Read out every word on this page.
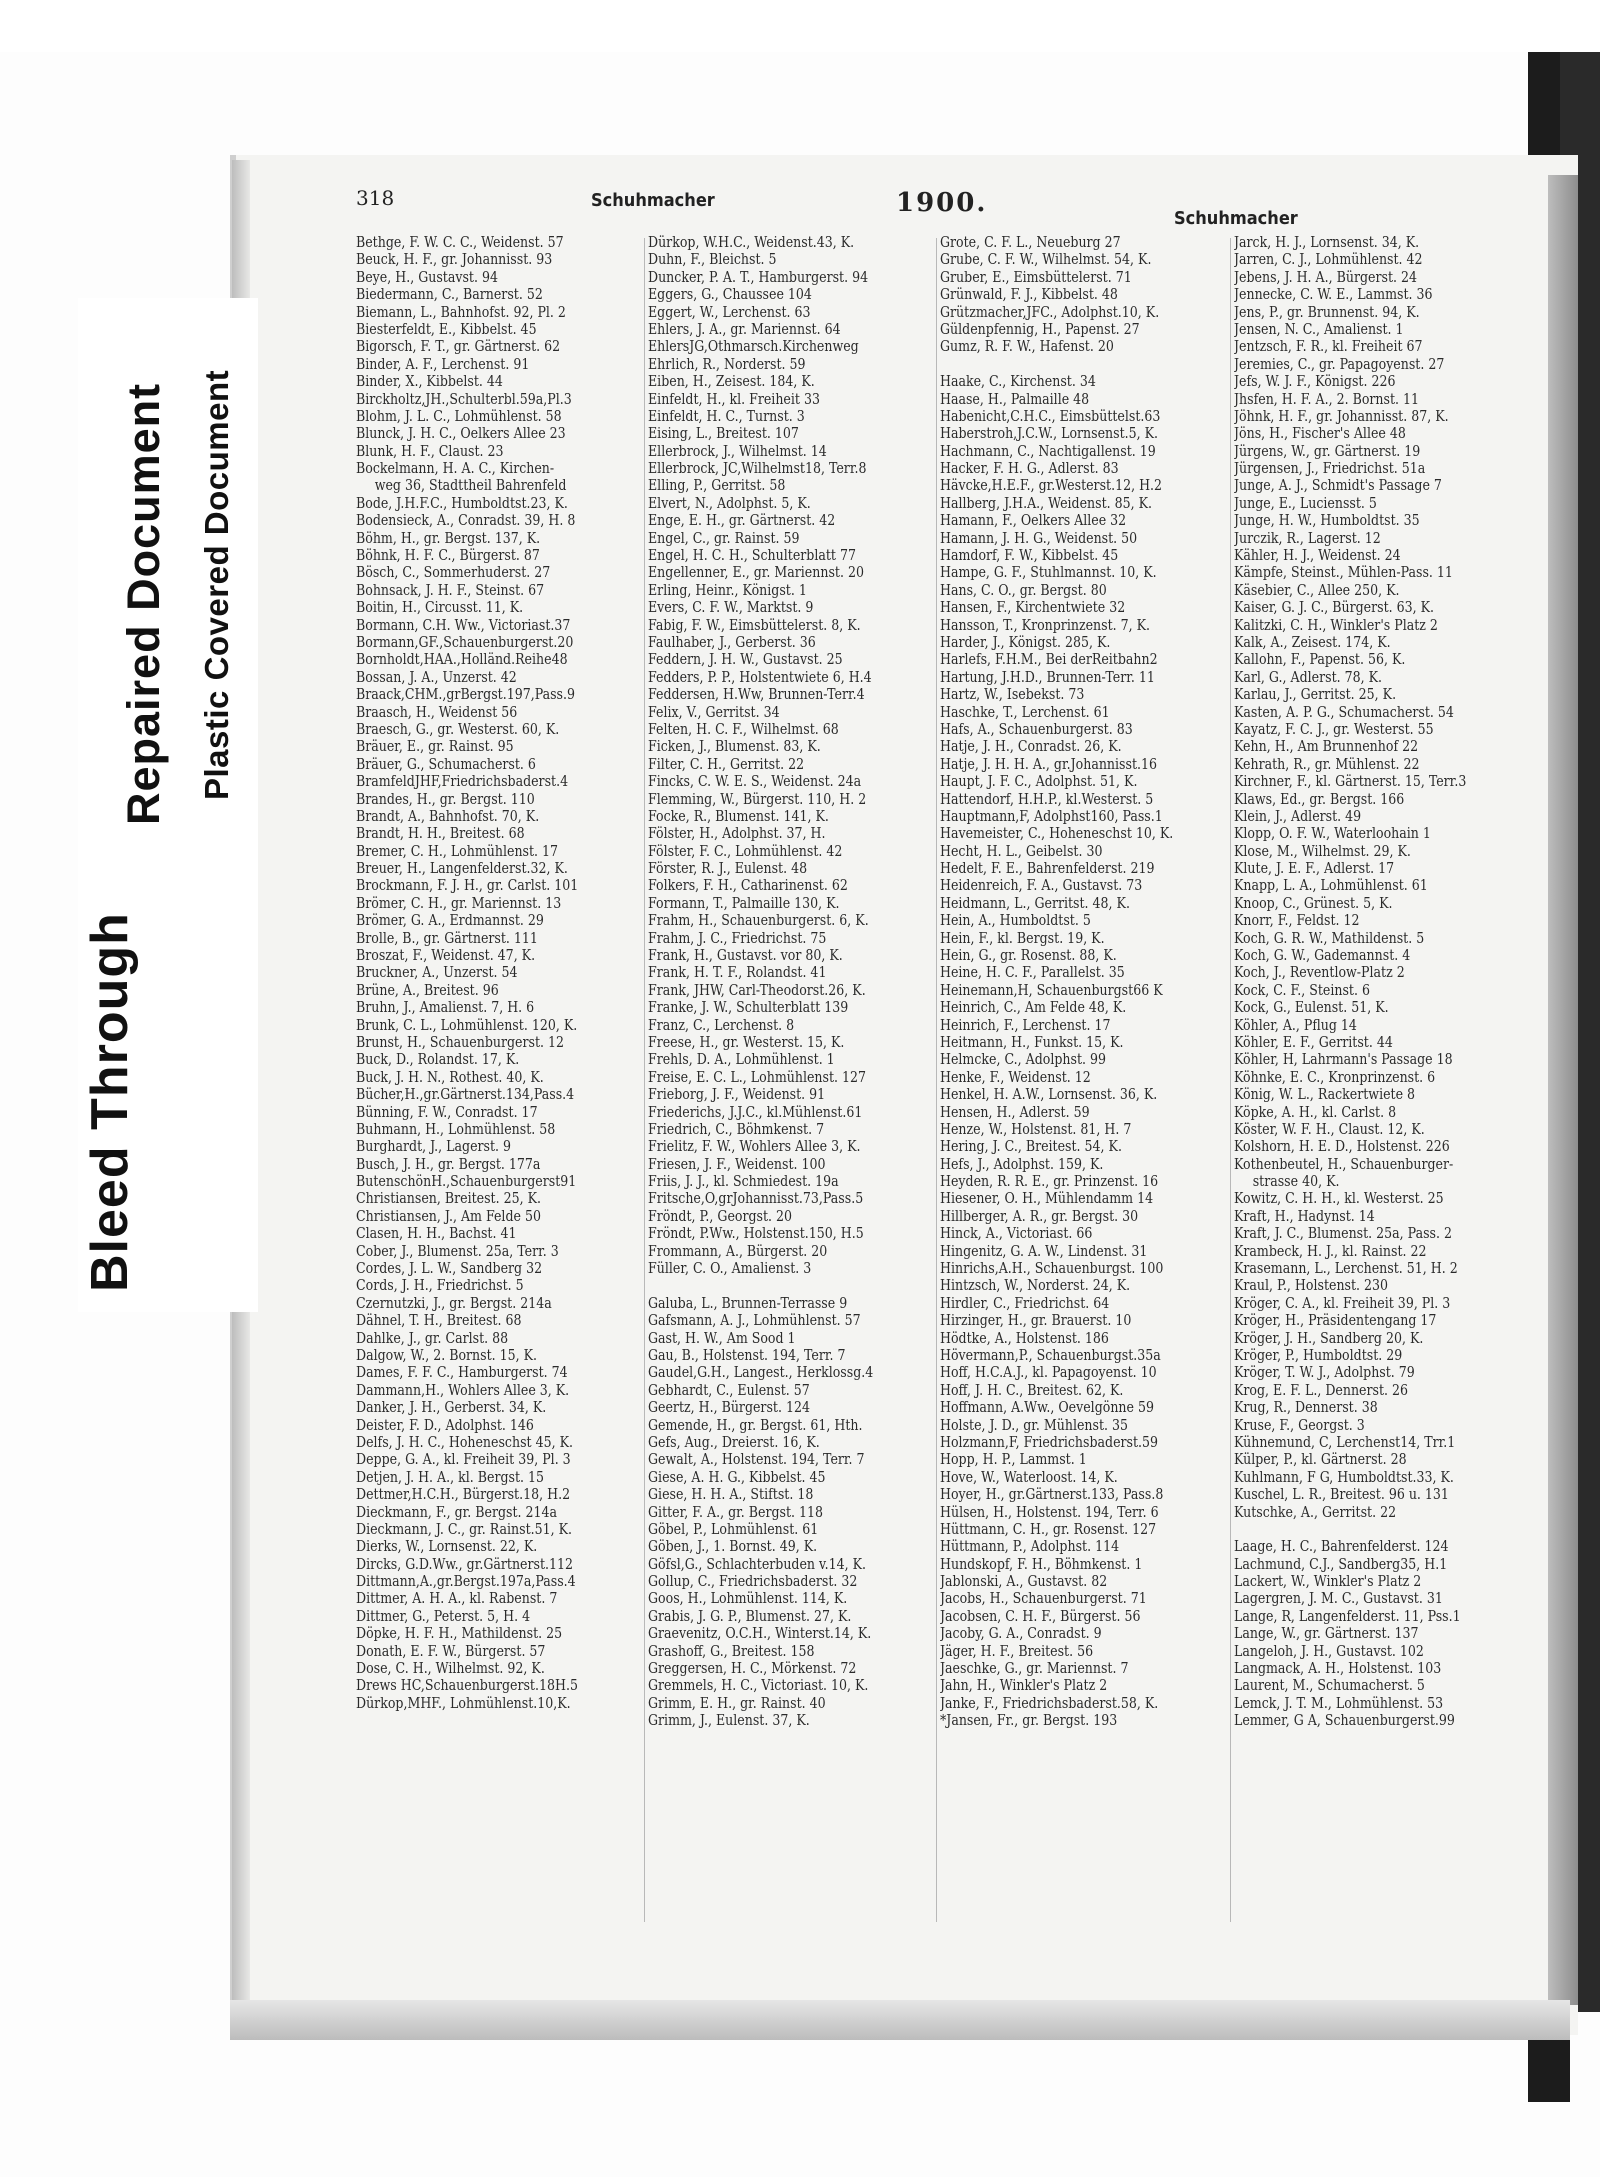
Bleed Through
Repaired Document Plastic Covered Document
318	Schuhmacher	1900.
Schuhmacher
Bethge, F. W. C. C., Weidenst. 57
Beuck, H. F., gr. Johannisst. 93
Beye, H., Gustavst. 94
Biedermann, C., Barnerst. 52
Biemann, L., Bahnhofst. 92, Pl. 2
Biesterfeldt, E., Kibbelst. 45
Bigorsch, F. T., gr. Gärtnerst. 62
Binder, A. F., Lerchenst. 91
Binder, X., Kibbelst. 44
Birckholtz,JH.,Schulterbl.59a,Pl.3
Blohm, J. L. C., Lohmühlenst. 58
Blunck, J. H. C., Oelkers Allee 23
Blunk, H. F., Claust. 23
Bockelmann, H. A. C., Kirchen-
weg 36, Stadttheil Bahrenfeld
Bode, J.H.F.C., Humboldtst.23, K.
Bodensieck, A., Conradst. 39, H. 8
Böhm, H., gr. Bergst. 137, K.
Böhnk, H. F. C., Bürgerst. 87
Bösch, C., Sommerhuderst. 27
Bohnsack, J. H. F., Steinst. 67
Boitin, H., Circusst. 11, K.
Bormann, C.H. Ww., Victoriast.37
Bormann,GF.,Schauenburgerst.20
Bornholdt,HAA.,Holländ.Reihe48
Bossan, J. A., Unzerst. 42
Braack,CHM.,grBergst.197,Pass.9
Braasch, H., Weidenst 56
Braesch, G., gr. Westerst. 60, K.
Bräuer, E., gr. Rainst. 95
Bräuer, G., Schumacherst. 6
BramfeldJHF,Friedrichsbaderst.4
Brandes, H., gr. Bergst. 110
Brandt, A., Bahnhofst. 70, K.
Brandt, H. H., Breitest. 68
Bremer, C. H., Lohmühlenst. 17
Breuer, H., Langenfelderst.32, K.
Brockmann, F. J. H., gr. Carlst. 101
Brömer, C. H., gr. Mariennst. 13
Brömer, G. A., Erdmannst. 29
Brolle, B., gr. Gärtnerst. 111
Broszat, F., Weidenst. 47, K.
Bruckner, A., Unzerst. 54
Brüne, A., Breitest. 96
Bruhn, J., Amalienst. 7, H. 6
Brunk, C. L., Lohmühlenst. 120, K.
Brunst, H., Schauenburgerst. 12
Buck, D., Rolandst. 17, K.
Buck, J. H. N., Rothest. 40, K.
Bücher,H.,gr.Gärtnerst.134,Pass.4
Bünning, F. W., Conradst. 17
Buhmann, H., Lohmühlenst. 58
Burghardt, J., Lagerst. 9
Busch, J. H., gr. Bergst. 177a
ButenschönH.,Schauenburgerst91
Christiansen, Breitest. 25, K.
Christiansen, J., Am Felde 50
Clasen, H. H., Bachst. 41
Cober, J., Blumenst. 25a, Terr. 3
Cordes, J. L. W., Sandberg 32
Cords, J. H., Friedrichst. 5
Czernutzki, J., gr. Bergst. 214a
Dähnel, T. H., Breitest. 68
Dahlke, J., gr. Carlst. 88
Dalgow, W., 2. Bornst. 15, K.
Dames, F. F. C., Hamburgerst. 74
Dammann,H., Wohlers Allee 3, K.
Danker, J. H., Gerberst. 34, K.
Deister, F. D., Adolphst. 146
Delfs, J. H. C., Hoheneschst 45, K.
Deppe, G. A., kl. Freiheit 39, Pl. 3
Detjen, J. H. A., kl. Bergst. 15
Dettmer,H.C.H., Bürgerst.18, H.2
Dieckmann, F., gr. Bergst. 214a
Dieckmann, J. C., gr. Rainst.51, K.
Dierks, W., Lornsenst. 22, K.
Dircks, G.D.Ww., gr.Gärtnerst.112
Dittmann,A.,gr.Bergst.197a,Pass.4
Dittmer, A. H. A., kl. Rabenst. 7
Dittmer, G., Peterst. 5, H. 4
Döpke, H. F. H., Mathildenst. 25
Donath, E. F. W., Bürgerst. 57
Dose, C. H., Wilhelmst. 92, K.
Drews HC,Schauenburgerst.18H.5
Dürkop,MHF., Lohmühlenst.10,K.
Dürkop, W.H.C., Weidenst.43, K.
Duhn, F., Bleichst. 5
Duncker, P. A. T., Hamburgerst. 94
Eggers, G., Chaussee 104
Eggert, W., Lerchenst. 63
Ehlers, J. A., gr. Mariennst. 64
EhlersJG,Othmarsch.Kirchenweg
Ehrlich, R., Norderst. 59
Eiben, H., Zeisest. 184, K.
Einfeldt, H., kl. Freiheit 33
Einfeldt, H. C., Turnst. 3
Eising, L., Breitest. 107
Ellerbrock, J., Wilhelmst. 14
Ellerbrock, JC,Wilhelmst18, Terr.8
Elling, P., Gerritst. 58
Elvert, N., Adolphst. 5, K.
Enge, E. H., gr. Gärtnerst. 42
Engel, C., gr. Rainst. 59
Engel, H. C. H., Schulterblatt 77
Engellenner, E., gr. Mariennst. 20
Erling, Heinr., Königst. 1
Evers, C. F. W., Marktst. 9
Fabig, F. W., Eimsbüttelerst. 8, K.
Faulhaber, J., Gerberst. 36
Feddern, J. H. W., Gustavst. 25
Fedders, P. P., Holstentwiete 6, H.4
Feddersen, H.Ww, Brunnen-Terr.4
Felix, V., Gerritst. 34
Felten, H. C. F., Wilhelmst. 68
Ficken, J., Blumenst. 83, K.
Filter, C. H., Gerritst. 22
Fincks, C. W. E. S., Weidenst. 24a
Flemming, W., Bürgerst. 110, H. 2
Focke, R., Blumenst. 141, K.
Fölster, H., Adolphst. 37, H.
Fölster, F. C., Lohmühlenst. 42
Förster, R. J., Eulenst. 48
Folkers, F. H., Catharinenst. 62
Formann, T., Palmaille 130, K.
Frahm, H., Schauenburgerst. 6, K.
Frahm, J. C., Friedrichst. 75
Frank, H., Gustavst. vor 80, K.
Frank, H. T. F., Rolandst. 41
Frank, JHW, Carl-Theodorst.26, K.
Franke, J. W., Schulterblatt 139
Franz, C., Lerchenst. 8
Freese, H., gr. Westerst. 15, K.
Frehls, D. A., Lohmühlenst. 1
Freise, E. C. L., Lohmühlenst. 127
Frieborg, J. F., Weidenst. 91
Friederichs, J.J.C., kl.Mühlenst.61
Friedrich, C., Böhmkenst. 7
Frielitz, F. W., Wohlers Allee 3, K.
Friesen, J. F., Weidenst. 100
Friis, J. J., kl. Schmiedest. 19a
Fritsche,O,grJohannisst.73,Pass.5
Fröndt, P., Georgst. 20
Fröndt, P.Ww., Holstenst.150, H.5
Frommann, A., Bürgerst. 20
Füller, C. O., Amalienst. 3
Galuba, L., Brunnen-Terrasse 9
Gafsmann, A. J., Lohmühlenst. 57
Gast, H. W., Am Sood 1
Gau, B., Holstenst. 194, Terr. 7
Gaudel,G.H., Langest., Herklossg.4
Gebhardt, C., Eulenst. 57
Geertz, H., Bürgerst. 124
Gemende, H., gr. Bergst. 61, Hth.
Gefs, Aug., Dreierst. 16, K.
Gewalt, A., Holstenst. 194, Terr. 7
Giese, A. H. G., Kibbelst. 45
Giese, H. H. A., Stiftst. 18
Gitter, F. A., gr. Bergst. 118
Göbel, P., Lohmühlenst. 61
Göben, J., 1. Bornst. 49, K.
Göfsl,G., Schlachterbuden v.14, K.
Gollup, C., Friedrichsbaderst. 32
Goos, H., Lohmühlenst. 114, K.
Grabis, J. G. P., Blumenst. 27, K.
Graevenitz, O.C.H., Winterst.14, K.
Grashoff, G., Breitest. 158
Greggersen, H. C., Mörkenst. 72
Gremmels, H. C., Victoriast. 10, K.
Grimm, E. H., gr. Rainst. 40
Grimm, J., Eulenst. 37, K.
Grote, C. F. L., Neueburg 27
Grube, C. F. W., Wilhelmst. 54, K.
Gruber, E., Eimsbüttelerst. 71
Grünwald, F. J., Kibbelst. 48
Grützmacher,JFC., Adolphst.10, K.
Güldenpfennig, H., Papenst. 27
Gumz, R. F. W., Hafenst. 20
Haake, C., Kirchenst. 34
Haase, H., Palmaille 48
Habenicht,C.H.C., Eimsbüttelst.63
Haberstroh,J.C.W., Lornsenst.5, K.
Hachmann, C., Nachtigallenst. 19
Hacker, F. H. G., Adlerst. 83
Hävcke,H.E.F., gr.Westerst.12, H.2
Hallberg, J.H.A., Weidenst. 85, K.
Hamann, F., Oelkers Allee 32
Hamann, J. H. G., Weidenst. 50
Hamdorf, F. W., Kibbelst. 45
Hampe, G. F., Stuhlmannst. 10, K.
Hans, C. O., gr. Bergst. 80
Hansen, F., Kirchentwiete 32
Hansson, T., Kronprinzenst. 7, K.
Harder, J., Königst. 285, K.
Harlefs, F.H.M., Bei derReitbahn2
Hartung, J.H.D., Brunnen-Terr. 11
Hartz, W., Isebekst. 73
Haschke, T., Lerchenst. 61
Hafs, A., Schauenburgerst. 83
Hatje, J. H., Conradst. 26, K.
Hatje, J. H. H. A., gr.Johannisst.16
Haupt, J. F. C., Adolphst. 51, K.
Hattendorf, H.H.P., kl.Westerst. 5
Hauptmann,F, Adolphst160, Pass.1
Havemeister, C., Hoheneschst 10, K.
Hecht, H. L., Geibelst. 30
Hedelt, F. E., Bahrenfelderst. 219
Heidenreich, F. A., Gustavst. 73
Heidmann, L., Gerritst. 48, K.
Hein, A., Humboldtst. 5
Hein, F., kl. Bergst. 19, K.
Hein, G., gr. Rosenst. 88, K.
Heine, H. C. F., Parallelst. 35
Heinemann,H, Schauenburgst66 K
Heinrich, C., Am Felde 48, K.
Heinrich, F., Lerchenst. 17
Heitmann, H., Funkst. 15, K.
Helmcke, C., Adolphst. 99
Henke, F., Weidenst. 12
Henkel, H. A.W., Lornsenst. 36, K.
Hensen, H., Adlerst. 59
Henze, W., Holstenst. 81, H. 7
Hering, J. C., Breitest. 54, K.
Hefs, J., Adolphst. 159, K.
Heyden, R. R. E., gr. Prinzenst. 16
Hiesener, O. H., Mühlendamm 14
Hillberger, A. R., gr. Bergst. 30
Hinck, A., Victoriast. 66
Hingenitz, G. A. W., Lindenst. 31
Hinrichs,A.H., Schauenburgst. 100
Hintzsch, W., Norderst. 24, K.
Hirdler, C., Friedrichst. 64
Hirzinger, H., gr. Brauerst. 10
Hödtke, A., Holstenst. 186
Hövermann,P., Schauenburgst.35a
Hoff, H.C.A.J., kl. Papagoyenst. 10
Hoff, J. H. C., Breitest. 62, K.
Hoffmann, A.Ww., Oevelgönne 59
Holste, J. D., gr. Mühlenst. 35
Holzmann,F, Friedrichsbaderst.59
Hopp, H. P., Lammst. 1
Hove, W., Waterloost. 14, K.
Hoyer, H., gr.Gärtnerst.133, Pass.8
Hülsen, H., Holstenst. 194, Terr. 6
Hüttmann, C. H., gr. Rosenst. 127
Hüttmann, P., Adolphst. 114
Hundskopf, F. H., Böhmkenst. 1
Jablonski, A., Gustavst. 82
Jacobs, H., Schauenburgerst. 71
Jacobsen, C. H. F., Bürgerst. 56
Jacoby, G. A., Conradst. 9
Jäger, H. F., Breitest. 56
Jaeschke, G., gr. Mariennst. 7
Jahn, H., Winkler's Platz 2
Janke, F., Friedrichsbaderst.58, K.
*Jansen, Fr., gr. Bergst. 193
Jarck, H. J., Lornsenst. 34, K.
Jarren, C. J., Lohmühlenst. 42
Jebens, J. H. A., Bürgerst. 24
Jennecke, C. W. E., Lammst. 36
Jens, P., gr. Brunnenst. 94, K.
Jensen, N. C., Amalienst. 1
Jentzsch, F. R., kl. Freiheit 67
Jeremies, C., gr. Papagoyenst. 27
Jefs, W. J. F., Königst. 226
Jhsfen, H. F. A., 2. Bornst. 11
Jöhnk, H. F., gr. Johannisst. 87, K.
Jöns, H., Fischer's Allee 48
Jürgens, W., gr. Gärtnerst. 19
Jürgensen, J., Friedrichst. 51a
Junge, A. J., Schmidt's Passage 7
Junge, E., Luciensst. 5
Junge, H. W., Humboldtst. 35
Jurczik, R., Lagerst. 12
Kähler, H. J., Weidenst. 24
Kämpfe, Steinst., Mühlen-Pass. 11
Käsebier, C., Allee 250, K.
Kaiser, G. J. C., Bürgerst. 63, K.
Kalitzki, C. H., Winkler's Platz 2
Kalk, A., Zeisest. 174, K.
Kallohn, F., Papenst. 56, K.
Karl, G., Adlerst. 78, K.
Karlau, J., Gerritst. 25, K.
Kasten, A. P. G., Schumacherst. 54
Kayatz, F. C. J., gr. Westerst. 55
Kehn, H., Am Brunnenhof 22
Kehrath, R., gr. Mühlenst. 22
Kirchner, F., kl. Gärtnerst. 15, Terr.3
Klaws, Ed., gr. Bergst. 166
Klein, J., Adlerst. 49
Klopp, O. F. W., Waterloohain 1
Klose, M., Wilhelmst. 29, K.
Klute, J. E. F., Adlerst. 17
Knapp, L. A., Lohmühlenst. 61
Knoop, C., Grünest. 5, K.
Knorr, F., Feldst. 12
Koch, G. R. W., Mathildenst. 5
Koch, G. W., Gademannst. 4
Koch, J., Reventlow-Platz 2
Kock, C. F., Steinst. 6
Kock, G., Eulenst. 51, K.
Köhler, A., Pflug 14
Köhler, E. F., Gerritst. 44
Köhler, H, Lahrmann's Passage 18
Köhnke, E. C., Kronprinzenst. 6
König, W. L., Rackertwiete 8
Köpke, A. H., kl. Carlst. 8
Köster, W. F. H., Claust. 12, K.
Kolshorn, H. E. D., Holstenst. 226
Kothenbeutel, H., Schauenburger-
strasse 40, K.
Kowitz, C. H. H., kl. Westerst. 25
Kraft, H., Hadynst. 14
Kraft, J. C., Blumenst. 25a, Pass. 2
Krambeck, H. J., kl. Rainst. 22
Krasemann, L., Lerchenst. 51, H. 2
Kraul, P., Holstenst. 230
Kröger, C. A., kl. Freiheit 39, Pl. 3
Kröger, H., Präsidentengang 17
Kröger, J. H., Sandberg 20, K.
Kröger, P., Humboldtst. 29
Kröger, T. W. J., Adolphst. 79
Krog, E. F. L., Dennerst. 26
Krug, R., Dennerst. 38
Kruse, F., Georgst. 3
Kühnemund, C, Lerchenst14, Trr.1
Külper, P., kl. Gärtnerst. 28
Kuhlmann, F G, Humboldtst.33, K.
Kuschel, L. R., Breitest. 96 u. 131
Kutschke, A., Gerritst. 22
Laage, H. C., Bahrenfelderst. 124
Lachmund, C.J., Sandberg35, H.1
Lackert, W., Winkler's Platz 2
Lagergren, J. M. C., Gustavst. 31
Lange, R, Langenfelderst. 11, Pss.1
Lange, W., gr. Gärtnerst. 137
Langeloh, J. H., Gustavst. 102
Langmack, A. H., Holstenst. 103
Laurent, M., Schumacherst. 5
Lemck, J. T. M., Lohmühlenst. 53
Lemmer, G A, Schauenburgerst.99
